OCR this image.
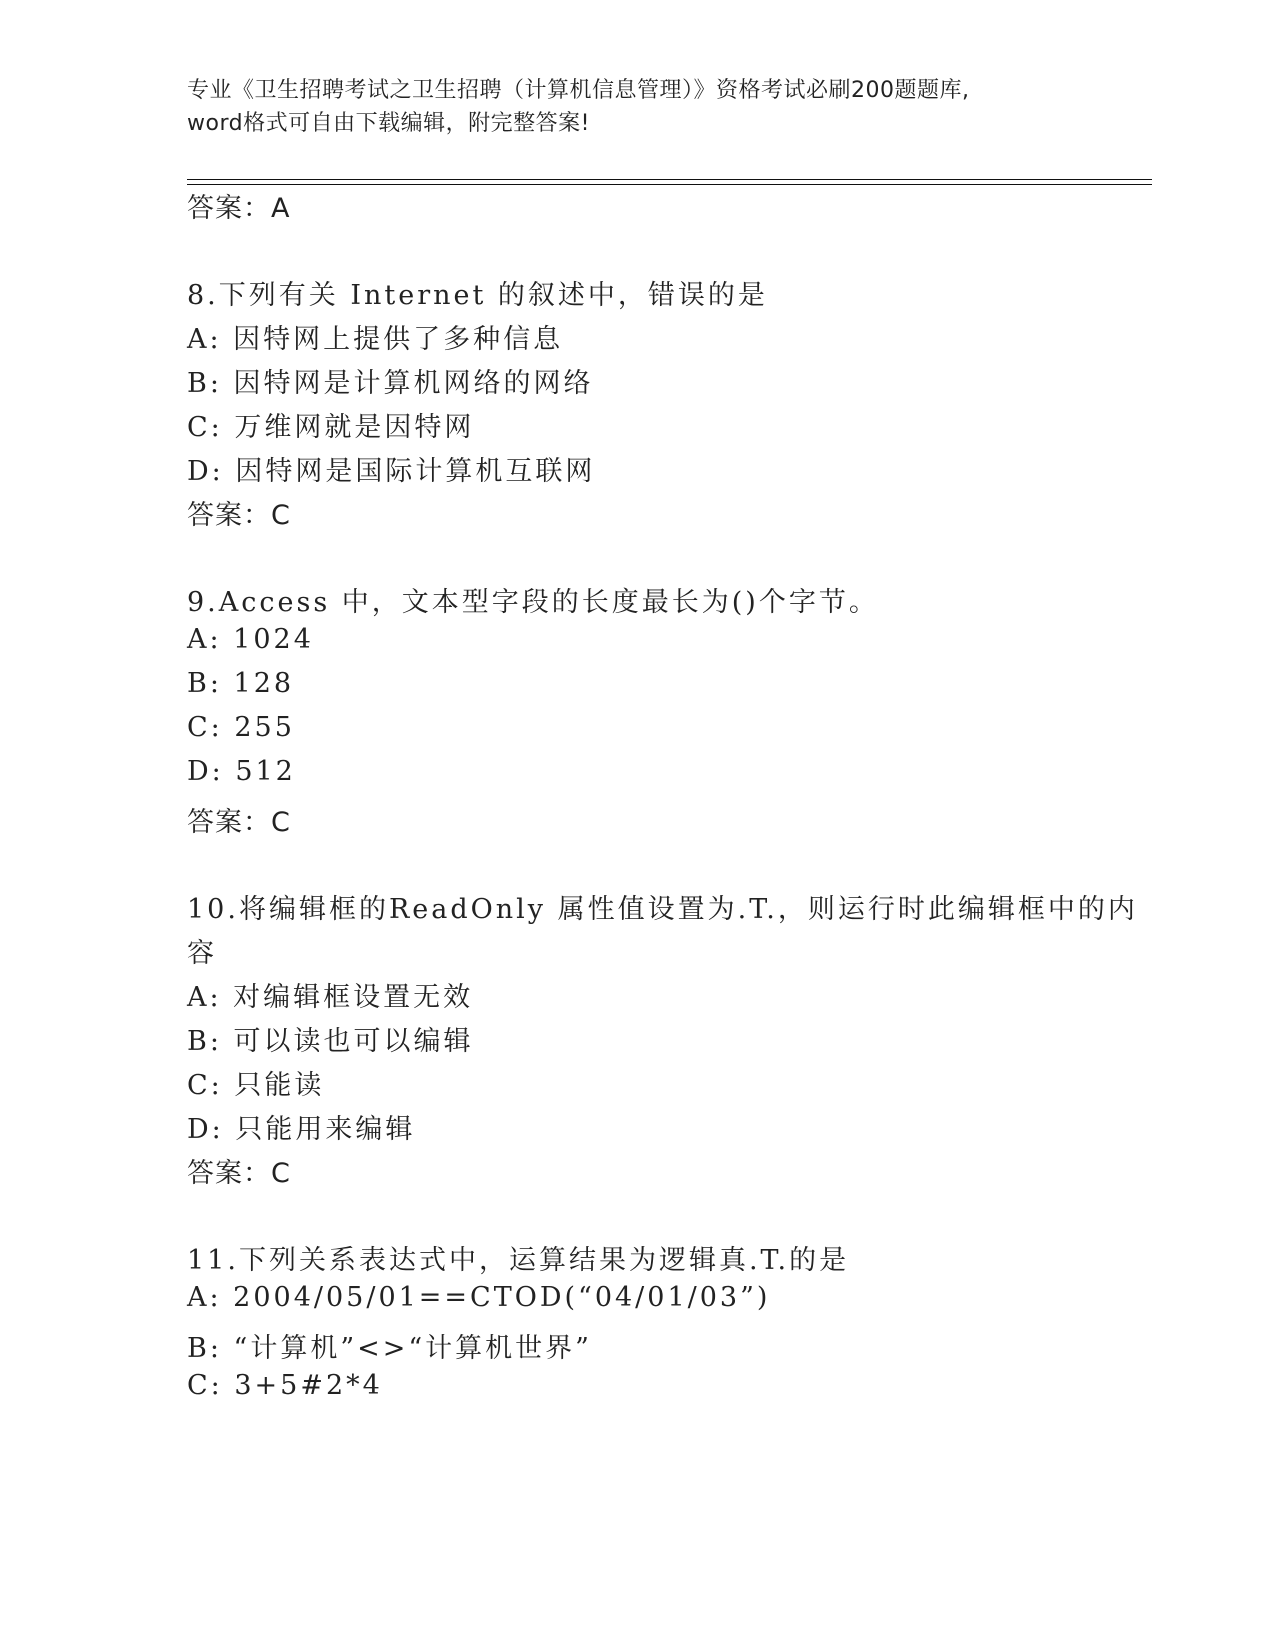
专业《卫生招聘考试之卫生招聘（计算机信息管理）》资格考试必刷200题题库,
word格式可自由下载编辑，附完整答案!
答案：A
8.下列有关 Internet 的叙述中，错误的是
A: 因特网上提供了多种信息
B: 因特网是计算机网络的网络
C: 万维网就是因特网
D: 因特网是国际计算机互联网
答案：C
9.Access 中，文本型字段的长度最长为()个字节。
A: 1024
B: 128
C: 255
D: 512
答案：C
10.将编辑框的ReadOnly 属性值设置为.T.，则运行时此编辑框中的内
容
A: 对编辑框设置无效
B: 可以读也可以编辑
C: 只能读
D: 只能用来编辑
答案：C
11.下列关系表达式中，运算结果为逻辑真.T.的是
A: 2004/05/01==CTOD(“04/01/03”)
B: “计算机”<>“计算机世界”
C: 3+5#2*4
